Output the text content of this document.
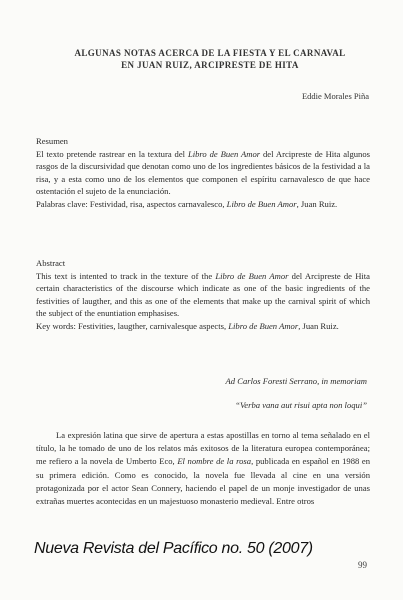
ALGUNAS NOTAS ACERCA DE LA FIESTA Y EL CARNAVAL
EN JUAN RUIZ, ARCIPRESTE DE HITA
Eddie Morales Piña
Resumen

El texto pretende rastrear en la textura del Libro de Buen Amor del Arcipreste de Hita algunos rasgos de la discursividad que denotan como uno de los ingredientes básicos de la festividad a la risa, y a esta como uno de los elementos que componen el espíritu carnavalesco de que hace ostentación el sujeto de la enunciación.

Palabras clave: Festividad, risa, aspectos carnavalesco, Libro de Buen Amor, Juan Ruiz.

Abstract

This text is intented to track in the texture of the Libro de Buen Amor del Arcipreste de Hita certain characteristics of the discourse which indicate as one of the basic ingredients of the festivities of laugther, and this as one of the elements that make up the carnival spirit of which the subject of the enuntiation emphasises.

Key words: Festivities, laugther, carnivalesque aspects, Libro de Buen Amor, Juan Ruiz.

Ad Carlos Foresti Serrano, in memoriam
“Verba vana aut risui apta non loqui”

La expresión latina que sirve de apertura a estas apostillas en torno al tema señalado en el título, la he tomado de uno de los relatos más exitosos de la literatura europea contemporánea; me refiero a la novela de Umberto Eco, El nombre de la rosa, publicada en español en 1988 en su primera edición. Como es conocido, la novela fue llevada al cine en una versión protagonizada por el actor Sean Connery, haciendo el papel de un monje investigador de unas extrañas muertes acontecidas en un majestuoso monasterio medieval. Entre otros

Nueva Revista del Pacífico no. 50 (2007)
99
